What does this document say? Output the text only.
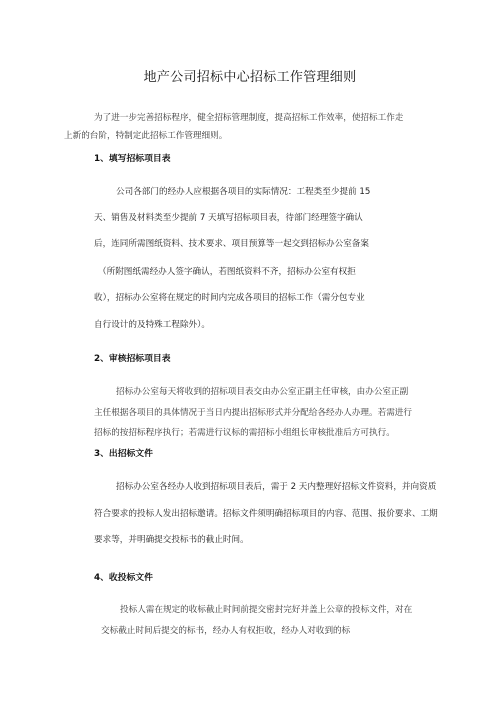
地产公司招标中心招标工作管理细则
为了进一步完善招标程序，健全招标管理制度，提高招标工作效率，使招标工作走
上新的台阶，特制定此招标工作管理细则。
1、填写招标项目表
公司各部门的经办人应根据各项目的实际情况：工程类至少提前 15
天、销售及材料类至少提前 7 天填写招标项目表，待部门经理签字确认
后，连同所需图纸资料、技术要求、项目预算等一起交到招标办公室备案
（所附图纸需经办人签字确认，若图纸资料不齐，招标办公室有权拒
收），招标办公室将在规定的时间内完成各项目的招标工作（需分包专业
自行设计的及特殊工程除外）。
2、审核招标项目表
招标办公室每天将收到的招标项目表交由办公室正副主任审核，由办公室正副
主任根据各项目的具体情况于当日内提出招标形式并分配给各经办人办理。若需进行
招标的按招标程序执行；若需进行议标的需招标小组组长审核批准后方可执行。
3、出招标文件
招标办公室各经办人收到招标项目表后，需于 2 天内整理好招标文件资料，并向资质
符合要求的投标人发出招标邀请。招标文件须明确招标项目的内容、范围、报价要求、工期
要求等，并明确提交投标书的截止时间。
4、收投标文件
投标人需在规定的收标截止时间前提交密封完好并盖上公章的投标文件，对在
交标截止时间后提交的标书，经办人有权拒收，经办人对收到的标
